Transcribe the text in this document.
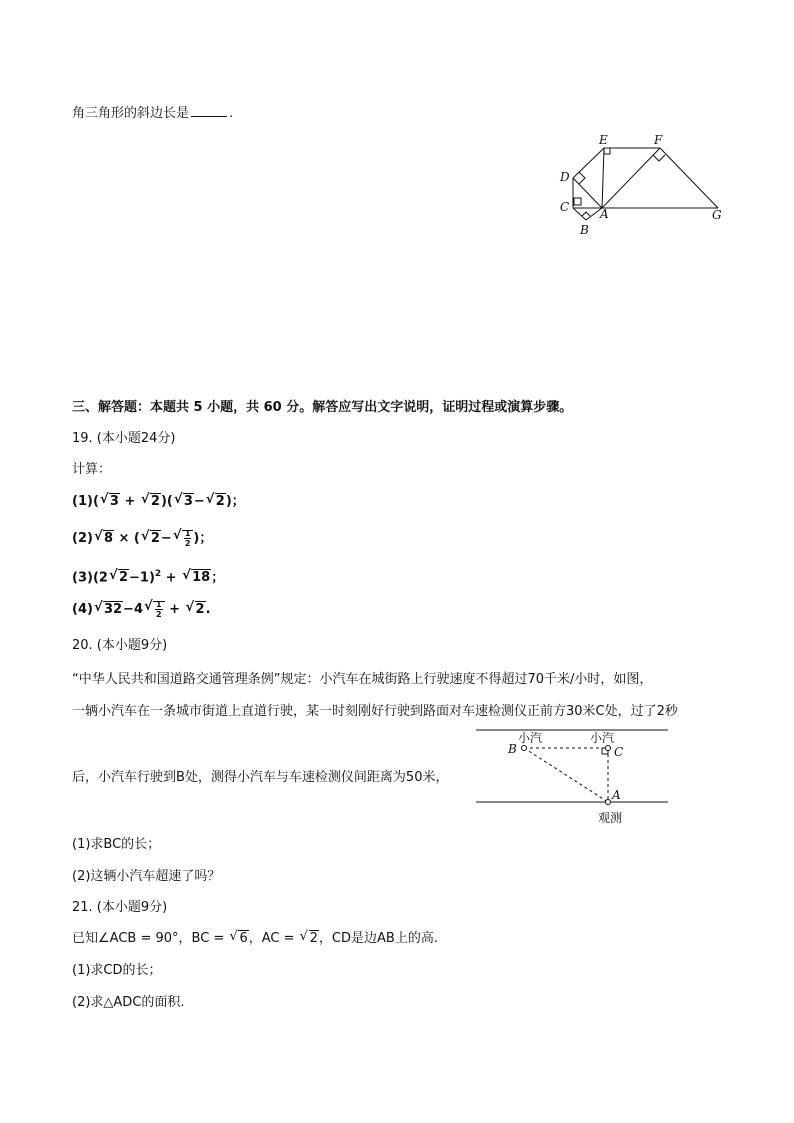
角三角形的斜边长是	.
E	F
D
C	A
B
G
三、解答题：本题共 5 小题，共 60 分。解答应写出文字说明，证明过程或演算步骤。
19. (本小题24分)
计算：
(1)( √ 3 + √ 2)( √ 3− √ 2)；
(2) √ 8 × ( √ 2− √ $\frac{1}{2}$ )；
(3)(2 √ 2−1)$^2$ + √ 18；
(4) √ 32−4 √ $\frac{1}{2}$ + √ 2.
20. (本小题9分)
“中华人民共和国道路交通管理条例”规定：小汽车在城街路上行驶速度不得超过70千米/小时，如图，
一辆小汽车在一条城市街道上直道行驶，某一时刻刚好行驶到路面对车速检测仪正前方30米C处，过了2秒
后，小汽车行驶到B处，测得小汽车与车速检测仪间距离为50米，
小汽	小汽
B	C
A
观测
(1)求BC的长；
(2)这辆小汽车超速了吗？
21. (本小题9分)
已知∠ACB = 90°，BC = √ 6，AC = √ 2，CD是边AB上的高.
(1)求CD的长；
(2)求△ADC的面积.
